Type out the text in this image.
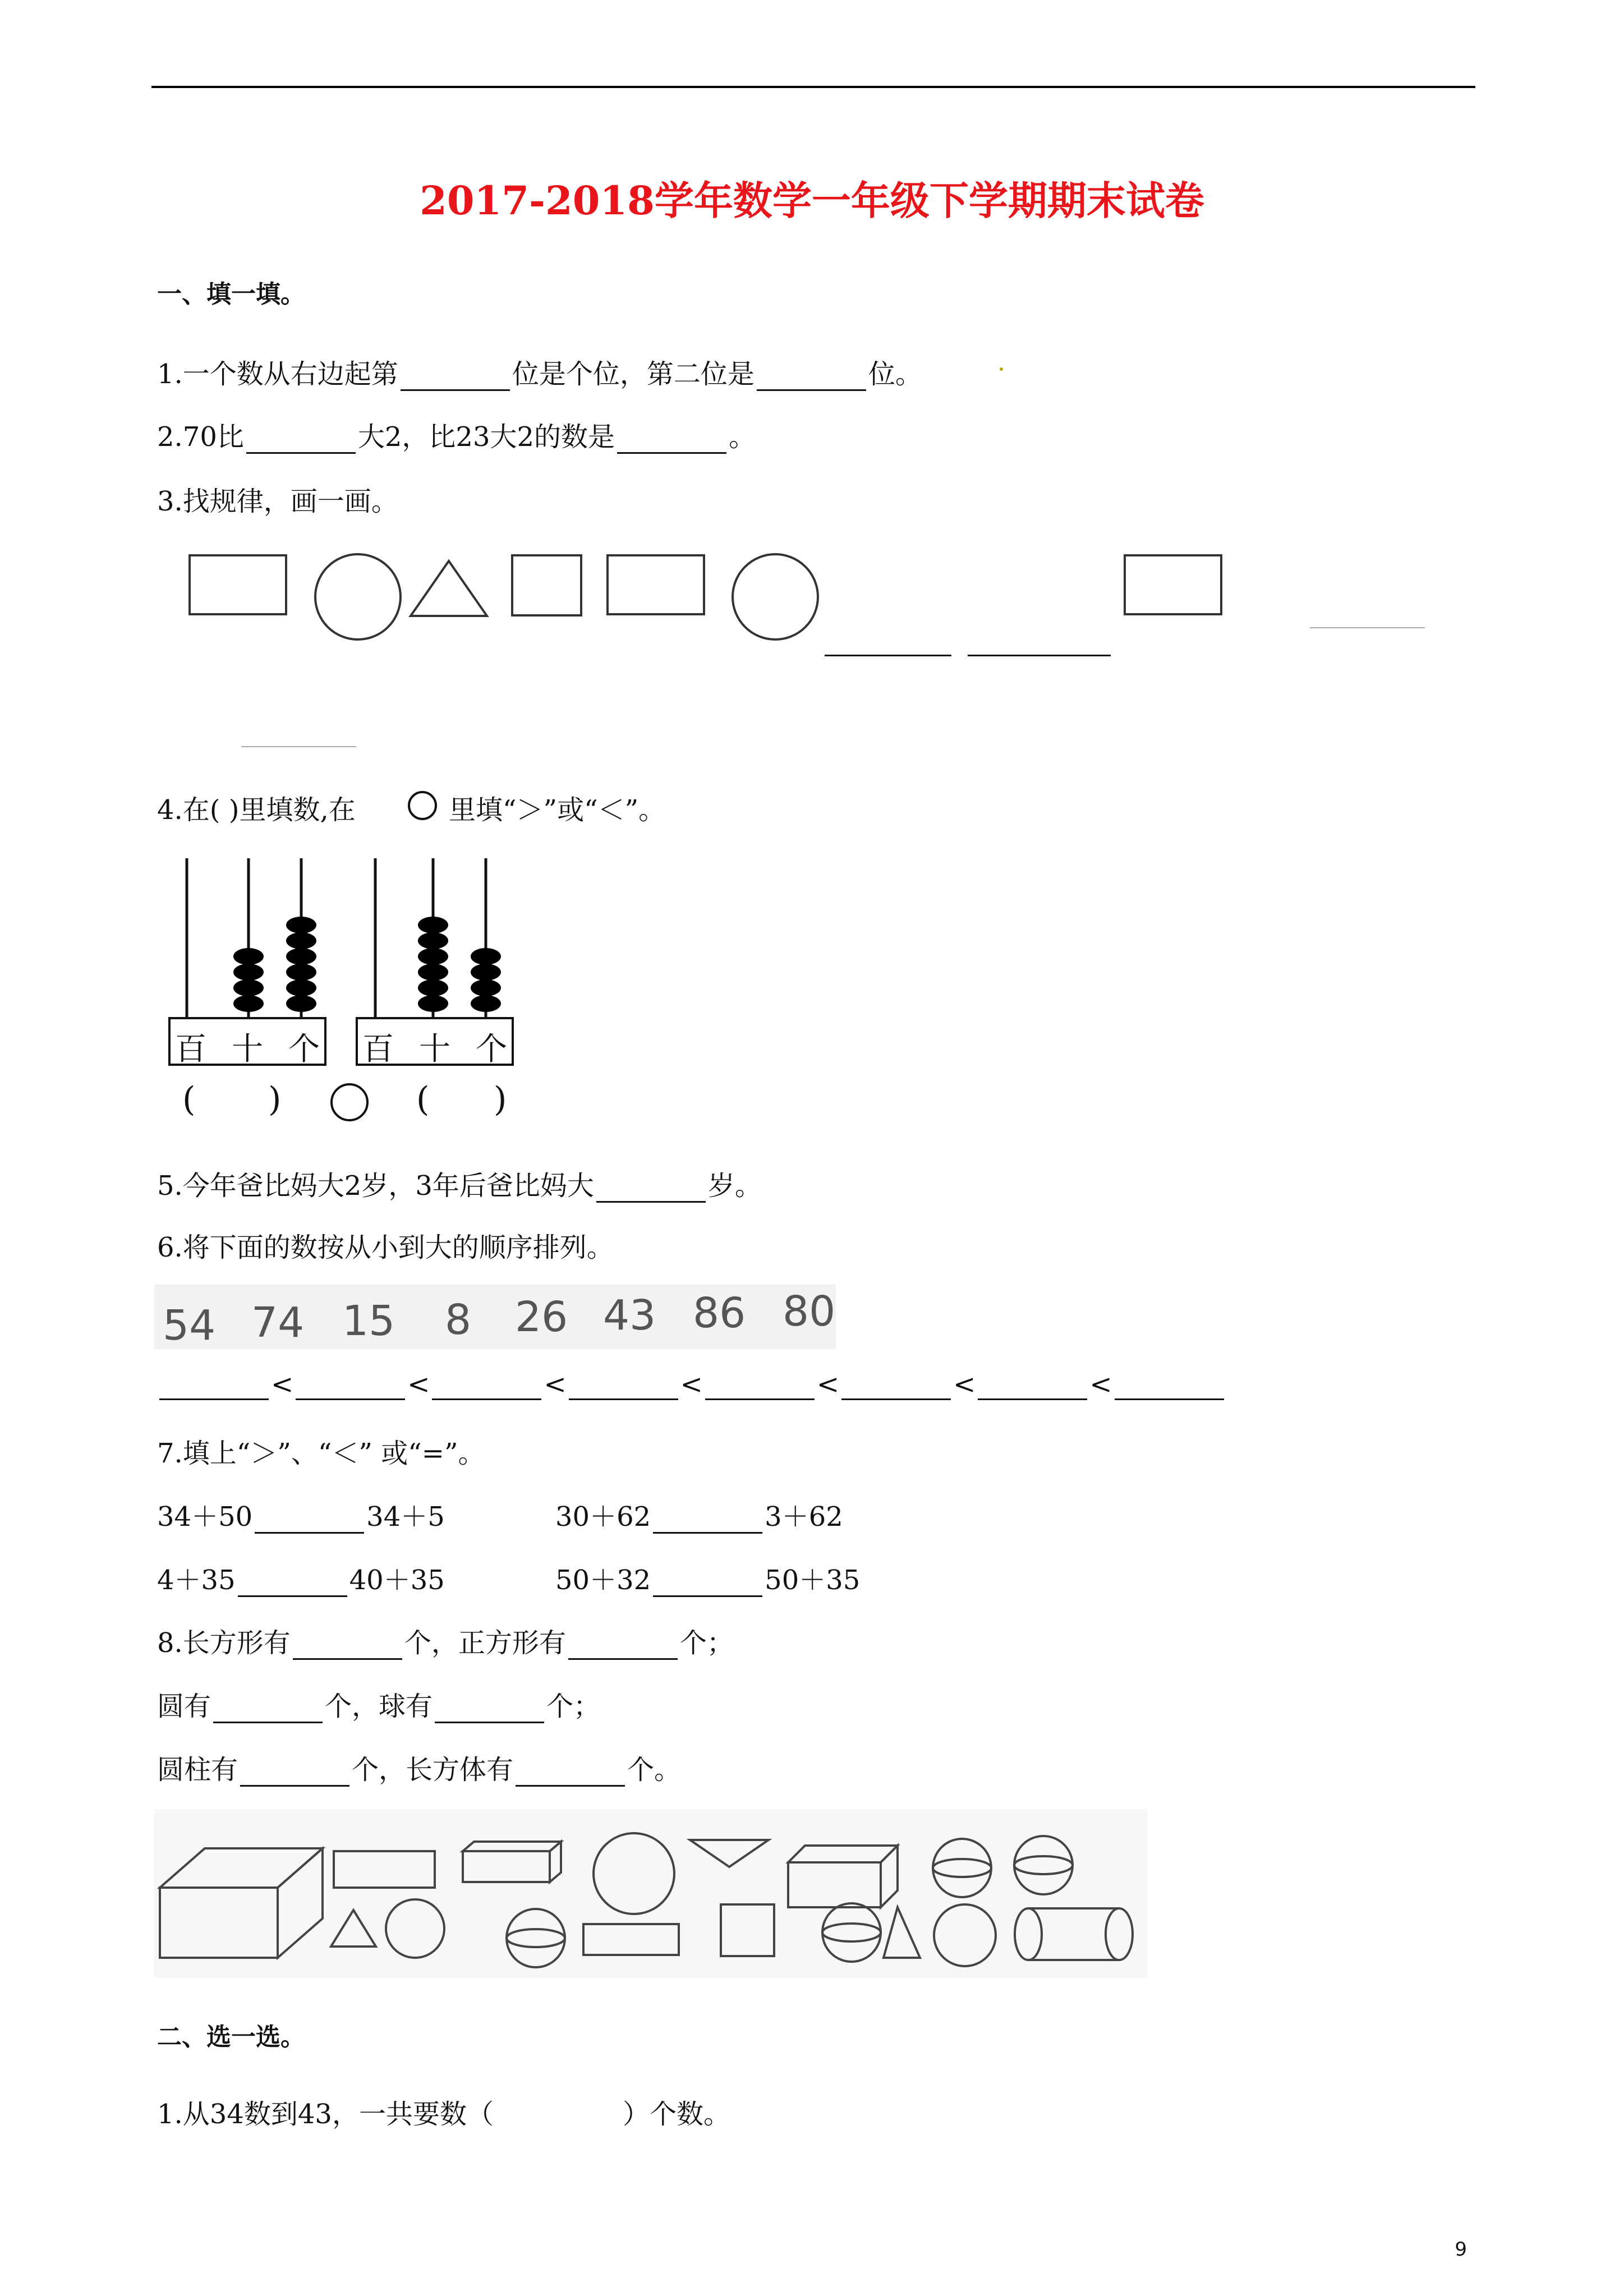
2017-2018学年数学一年级下学期期末试卷
一、填一填。
1.一个数从右边起第	位是个位，第二位是	位。
2.70比	大2，比23大2的数是	。
3.找规律，画一画。
4.在( )里填数,在	里填“＞”或“＜”。
百 十 个 百 十 个
( )	( )
5.今年爸比妈大2岁，3年后爸比妈大	岁。
6.将下面的数按从小到大的顺序排列。
54 74 15 8 26 43 86 80
<	<	<	<	<	<	<
7.填上“＞”、“＜” 或“=”。
34＋50	34＋5	30＋62	3＋62
4＋35	40＋35	50＋32	50＋35
8.长方形有	个，正方形有	个；
圆有	个，球有	个；
圆柱有	个，长方体有	个。
二、选一选。
1.从34数到43，一共要数（	）个数。
9
